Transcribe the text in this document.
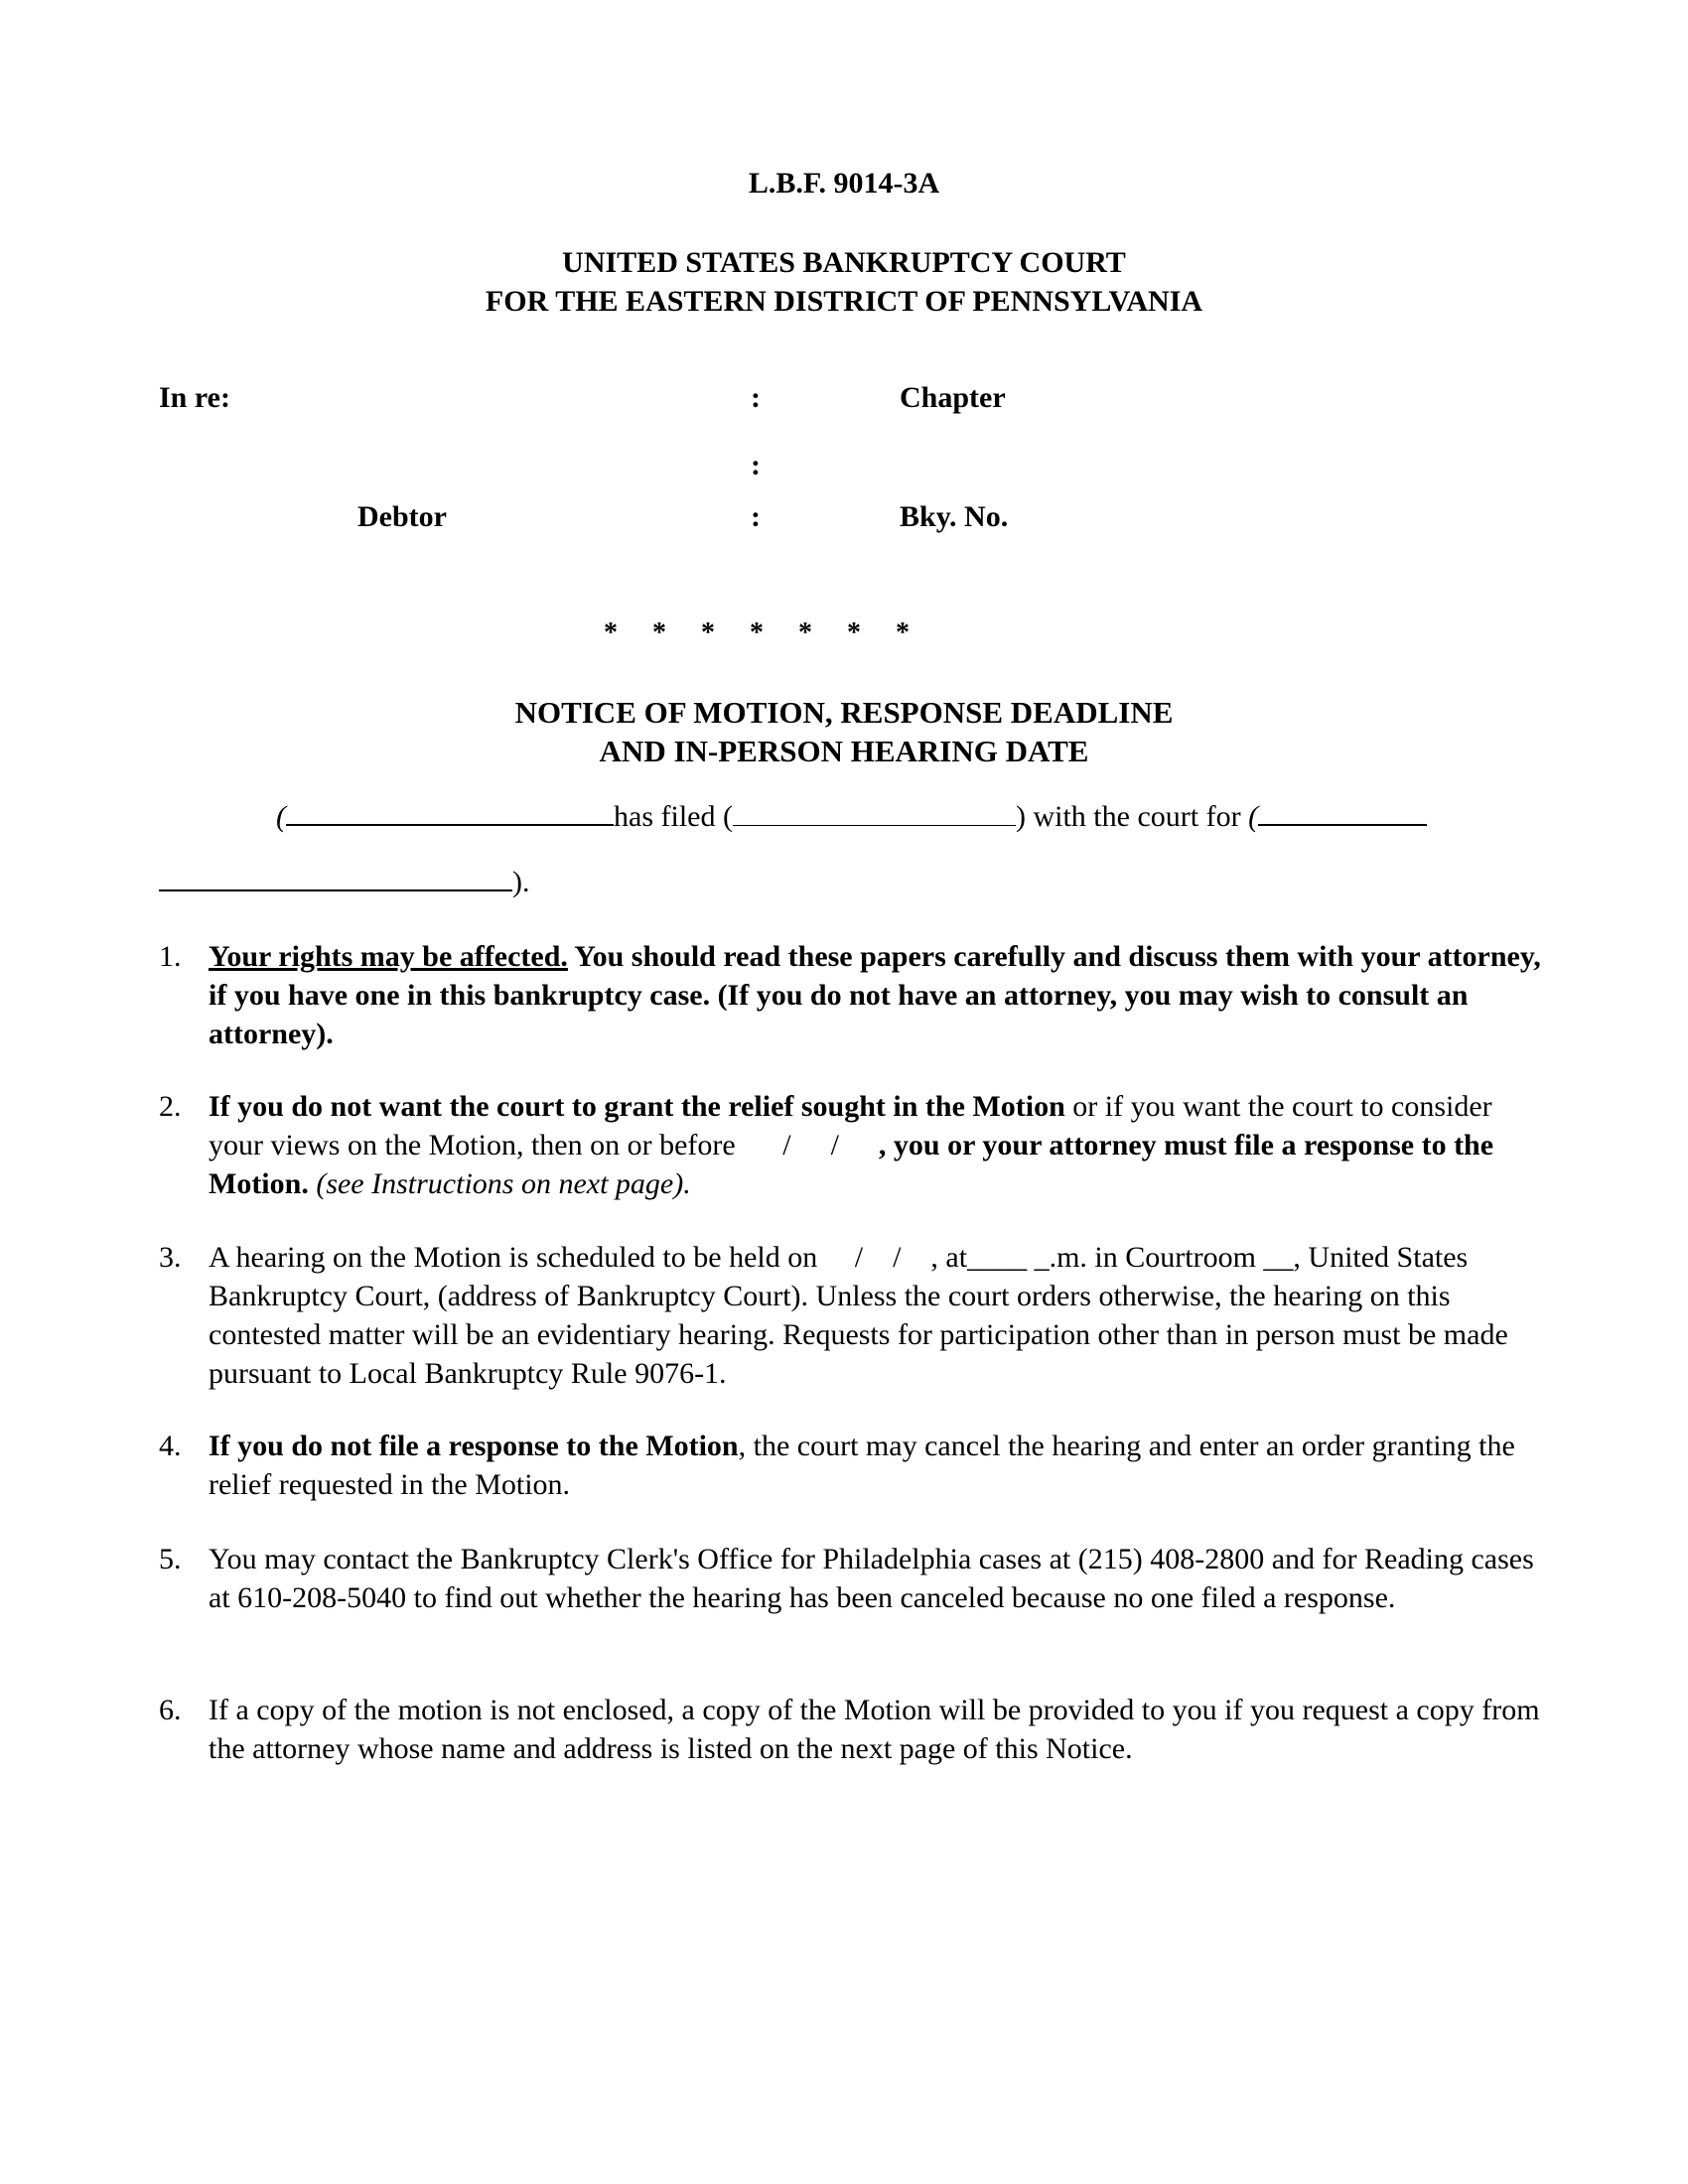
L.B.F. 9014-3A
UNITED STATES BANKRUPTCY COURT
FOR THE EASTERN DISTRICT OF PENNSYLVANIA
In re:	:	Chapter
:
Debtor	:	Bky. No.
* * * * * * *
NOTICE OF MOTION, RESPONSE DEADLINE
AND IN-PERSON HEARING DATE
(	has filed (	) with the court for (
).
1. Your rights may be affected. You should read these papers carefully and discuss them with your attorney, if you have one in this bankruptcy case. (If you do not have an attorney, you may wish to consult an attorney).
2. If you do not want the court to grant the relief sought in the Motion or if you want the court to consider your views on the Motion, then on or before / / , you or your attorney must file a response to the Motion. (see Instructions on next page).
3. A hearing on the Motion is scheduled to be held on / / , at____ _.m. in Courtroom __, United States Bankruptcy Court, (address of Bankruptcy Court). Unless the court orders otherwise, the hearing on this contested matter will be an evidentiary hearing. Requests for participation other than in person must be made pursuant to Local Bankruptcy Rule 9076-1.
4. If you do not file a response to the Motion, the court may cancel the hearing and enter an order granting the relief requested in the Motion.
5. You may contact the Bankruptcy Clerk's Office for Philadelphia cases at (215) 408-2800 and for Reading cases at 610-208-5040 to find out whether the hearing has been canceled because no one filed a response.
6. If a copy of the motion is not enclosed, a copy of the Motion will be provided to you if you request a copy from the attorney whose name and address is listed on the next page of this Notice.
